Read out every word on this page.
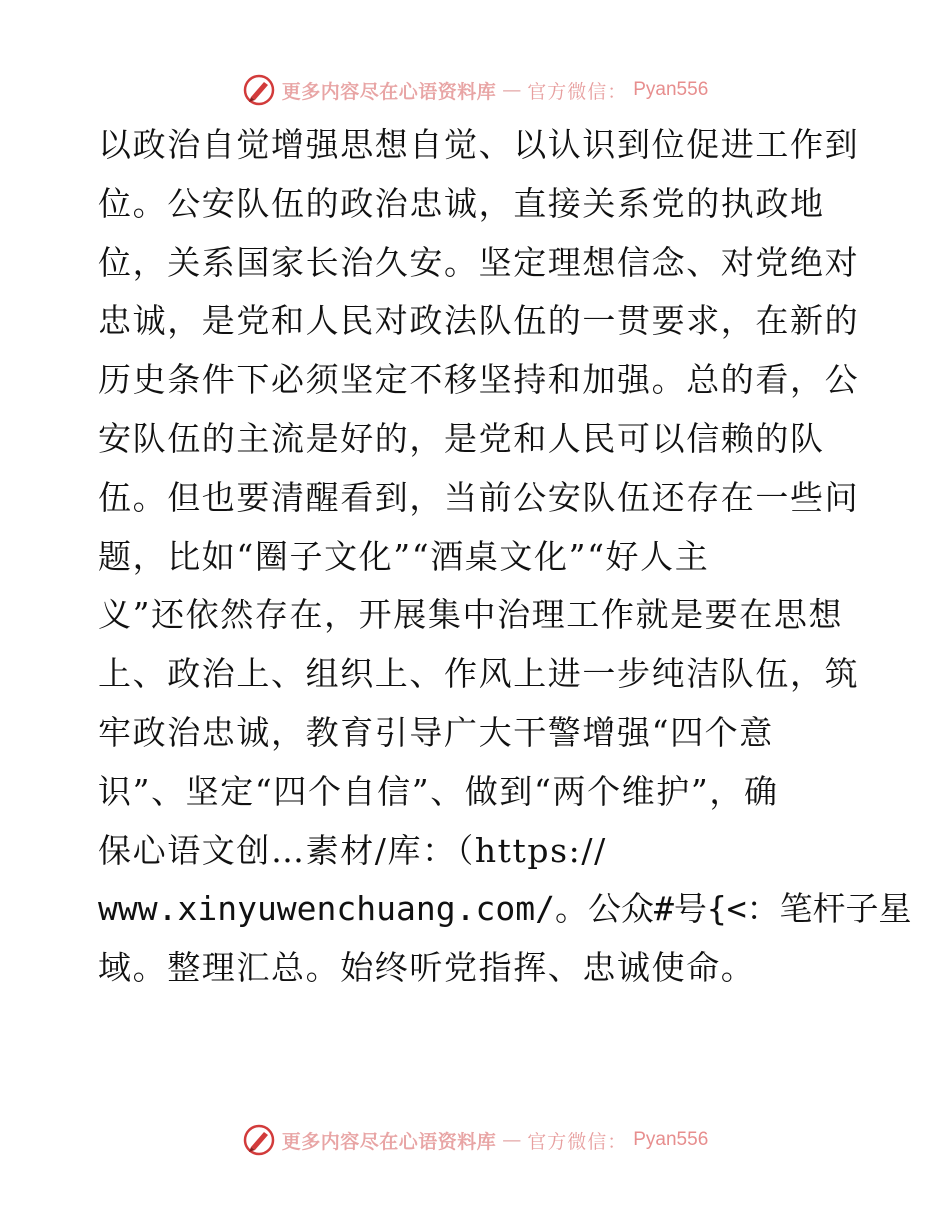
更多内容尽在心语资料库 — 官方微信： Pyan556
以政治自觉增强思想自觉、以认识到位促进工作到
位。公安队伍的政治忠诚，直接关系党的执政地
位，关系国家长治久安。坚定理想信念、对党绝对
忠诚，是党和人民对政法队伍的一贯要求，在新的
历史条件下必须坚定不移坚持和加强。总的看，公
安队伍的主流是好的，是党和人民可以信赖的队
伍。但也要清醒看到，当前公安队伍还存在一些问
题，比如“圈子文化”“酒桌文化”“好人主
义”还依然存在，开展集中治理工作就是要在思想
上、政治上、组织上、作风上进一步纯洁队伍，筑
牢政治忠诚，教育引导广大干警增强“四个意
识”、坚定“四个自信”、做到“两个维护”，确
保心语文创…素材/库：（https://
www.xinyuwenchuang.com/。公众#号{<：笔杆子星
域。整理汇总。始终听党指挥、忠诚使命。
更多内容尽在心语资料库 — 官方微信： Pyan556
